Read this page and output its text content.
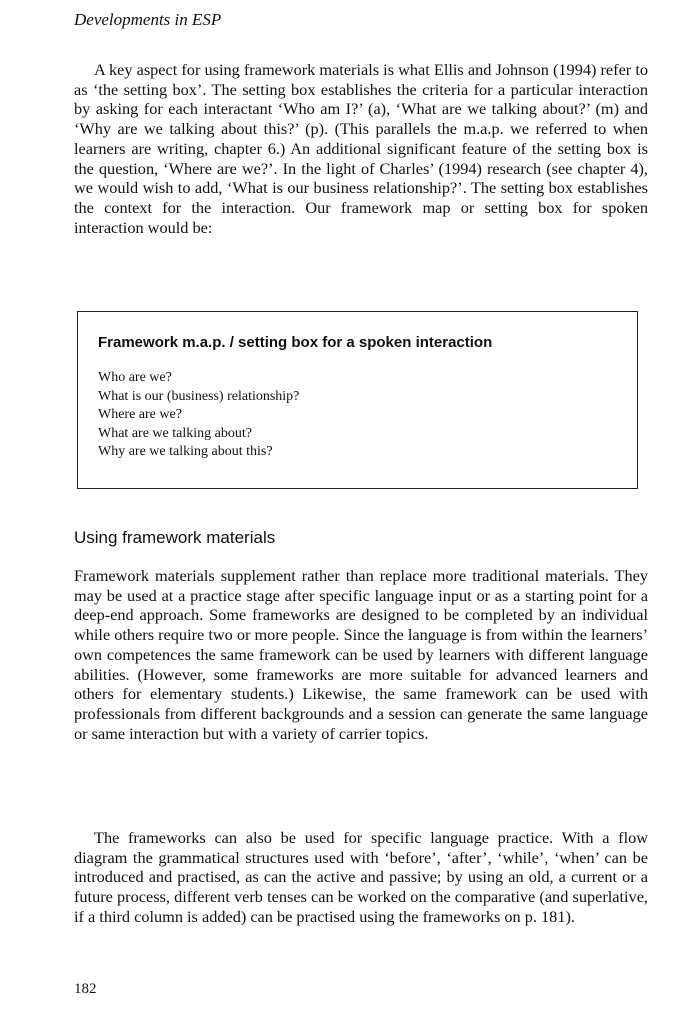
Developments in ESP

A key aspect for using framework materials is what Ellis and Johnson (1994) refer to as ‘the setting box’. The setting box establishes the criteria for a particular interaction by asking for each interactant ‘Who am I?’ (a), ‘What are we talking about?’ (m) and ‘Why are we talking about this?’ (p). (This parallels the m.a.p. we referred to when learners are writing, chapter 6.) An additional significant feature of the setting box is the question, ‘Where are we?’. In the light of Charles’ (1994) research (see chapter 4), we would wish to add, ‘What is our business relationship?’. The setting box establishes the context for the interaction. Our framework map or setting box for spoken interaction would be:

Framework m.a.p. / setting box for a spoken interaction
Who are we?
What is our (business) relationship?
Where are we?
What are we talking about?
Why are we talking about this?
Using framework materials

Framework materials supplement rather than replace more traditional materials. They may be used at a practice stage after specific language input or as a starting point for a deep-end approach. Some frameworks are designed to be completed by an individual while others require two or more people. Since the language is from within the learners’ own competences the same framework can be used by learners with different language abilities. (However, some frameworks are more suitable for advanced learners and others for elementary students.) Likewise, the same framework can be used with professionals from different backgrounds and a session can generate the same language or same interaction but with a variety of carrier topics.

The frameworks can also be used for specific language practice. With a flow diagram the grammatical structures used with ‘before’, ‘after’, ‘while’, ‘when’ can be introduced and practised, as can the active and passive; by using an old, a current or a future process, different verb tenses can be worked on the comparative (and superlative, if a third column is added) can be practised using the frameworks on p. 181).

182
